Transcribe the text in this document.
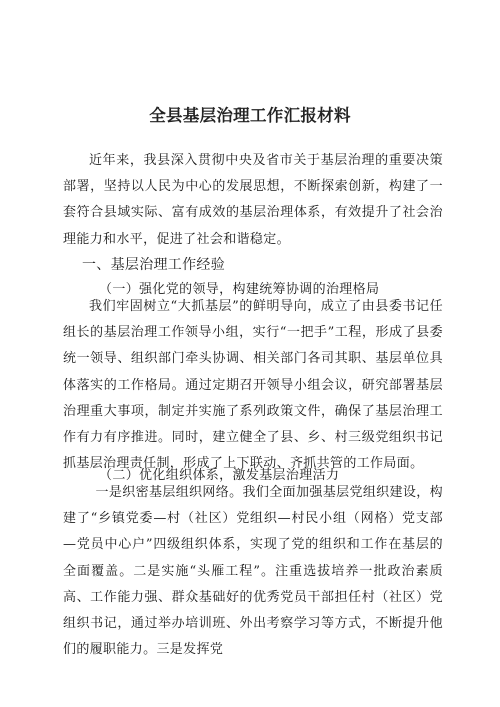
全县基层治理工作汇报材料

近年来，我县深入贯彻中央及省市关于基层治理的重要决策部署，坚持以人民为中心的发展思想，不断探索创新，构建了一套符合县域实际、富有成效的基层治理体系，有效提升了社会治理能力和水平，促进了社会和谐稳定。

一、基层治理工作经验
（一）强化党的领导，构建统筹协调的治理格局

我们牢固树立“大抓基层”的鲜明导向，成立了由县委书记任组长的基层治理工作领导小组，实行“一把手”工程，形成了县委统一领导、组织部门牵头协调、相关部门各司其职、基层单位具体落实的工作格局。通过定期召开领导小组会议，研究部署基层治理重大事项，制定并实施了系列政策文件，确保了基层治理工作有力有序推进。同时，建立健全了县、乡、村三级党组织书记抓基层治理责任制，形成了上下联动、齐抓共管的工作局面。

（二）优化组织体系，激发基层治理活力

一是织密基层组织网络。我们全面加强基层党组织建设，构建了“乡镇党委—村（社区）党组织—村民小组（网格）党支部—党员中心户”四级组织体系，实现了党的组织和工作在基层的全面覆盖。二是实施“头雁工程”。注重选拔培养一批政治素质高、工作能力强、群众基础好的优秀党员干部担任村（社区）党组织书记，通过举办培训班、外出考察学习等方式，不断提升他们的履职能力。三是发挥党
